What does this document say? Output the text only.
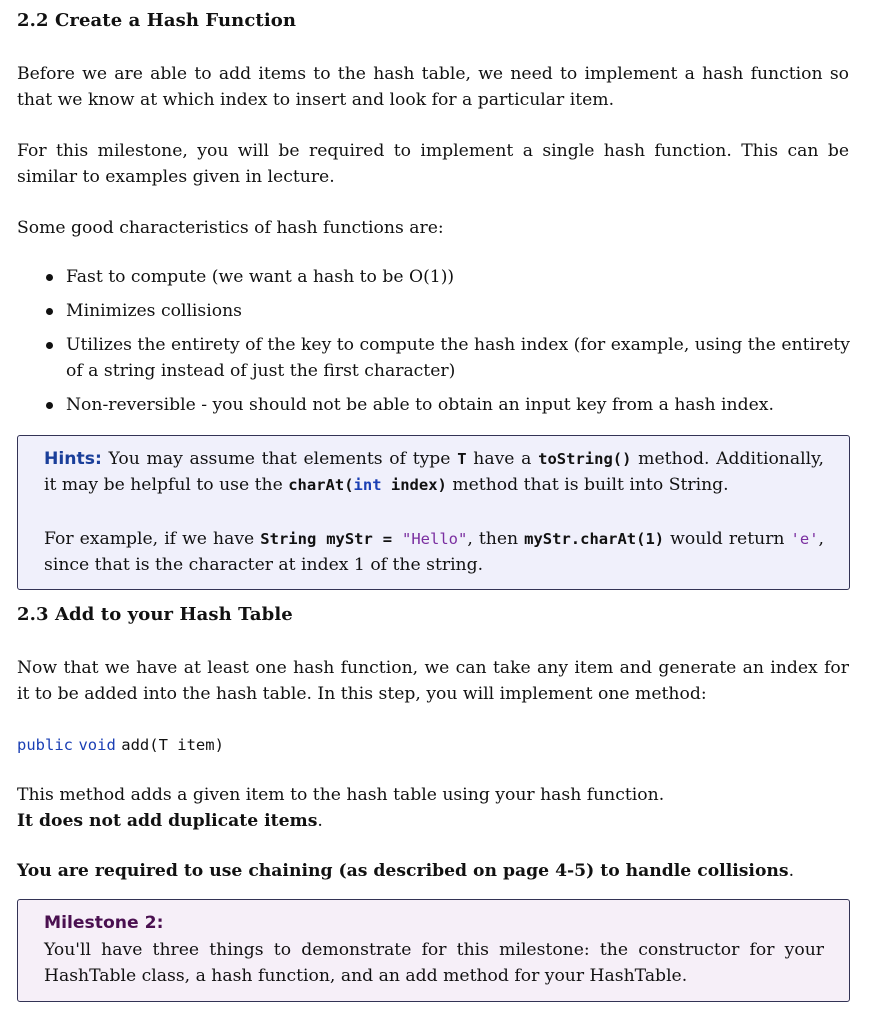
2.2 Create a Hash Function
Before we are able to add items to the hash table, we need to implement a hash function so that we know at which index to insert and look for a particular item.
For this milestone, you will be required to implement a single hash function. This can be similar to examples given in lecture.
Some good characteristics of hash functions are:
Fast to compute (we want a hash to be O(1))
Minimizes collisions
Utilizes the entirety of the key to compute the hash index (for example, using the entirety of a string instead of just the first character)
Non-reversible - you should not be able to obtain an input key from a hash index.
Hints: You may assume that elements of type T have a toString() method. Additionally, it may be helpful to use the charAt(int index) method that is built into String.
For example, if we have String myStr = "Hello", then myStr.charAt(1) would return 'e', since that is the character at index 1 of the string.
2.3 Add to your Hash Table
Now that we have at least one hash function, we can take any item and generate an index for it to be added into the hash table. In this step, you will implement one method:
public void add(T item)
This method adds a given item to the hash table using your hash function.
It does not add duplicate items.
You are required to use chaining (as described on page 4-5) to handle collisions.
Milestone 2:
You'll have three things to demonstrate for this milestone: the constructor for your HashTable class, a hash function, and an add method for your HashTable.
